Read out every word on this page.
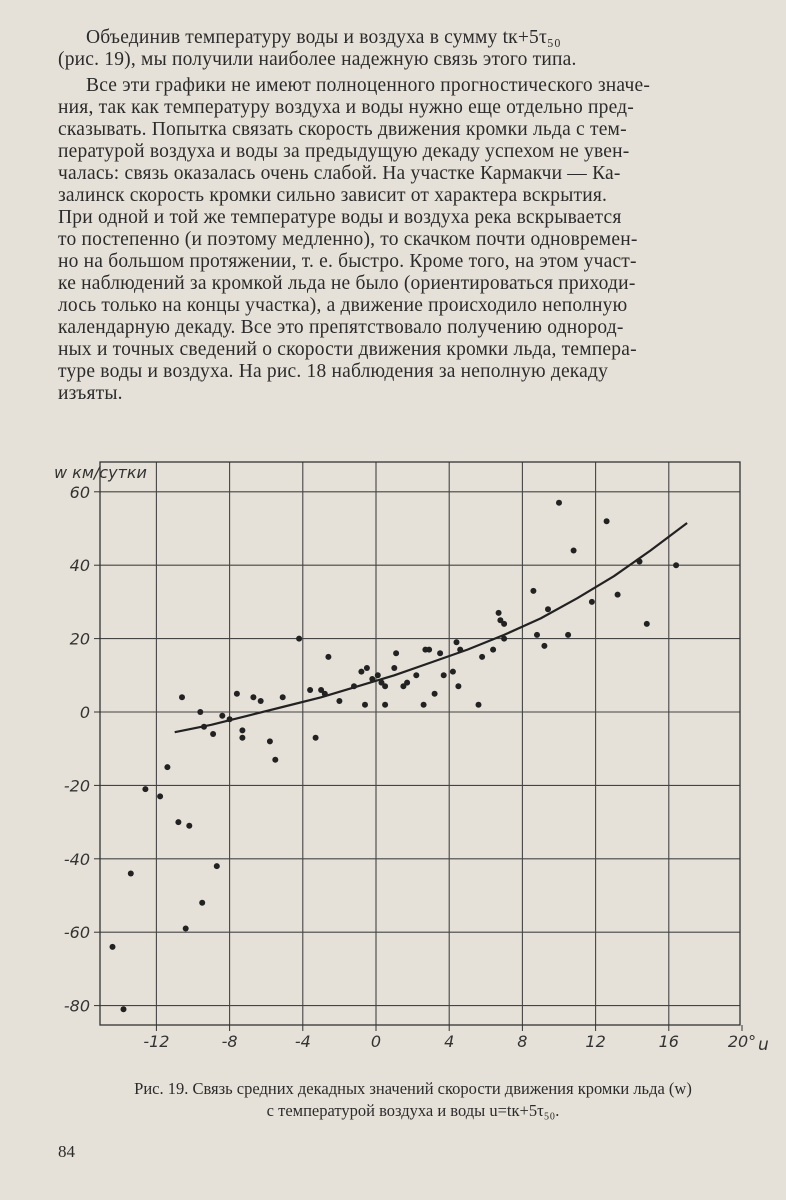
Объединив температуру воды и воздуха в сумму tк+5τ₅₀
(рис. 19), мы получили наиболее надежную связь этого типа.
Все эти графики не имеют полноценного прогностического значе-
ния, так как температуру воздуха и воды нужно еще отдельно пред-
сказывать. Попытка связать скорость движения кромки льда с тем-
пературой воздуха и воды за предыдущую декаду успехом не увен-
чалась: связь оказалась очень слабой. На участке Кармакчи — Ка-
залинск скорость кромки сильно зависит от характера вскрытия.
При одной и той же температуре воды и воздуха река вскрывается
то постепенно (и поэтому медленно), то скачком почти одновремен-
но на большом протяжении, т. е. быстро. Кроме того, на этом участ-
ке наблюдений за кромкой льда не было (ориентироваться приходи-
лось только на концы участка), а движение происходило неполную
календарную декаду. Все это препятствовало получению однород-
ных и точных сведений о скорости движения кромки льда, темпера-
туре воды и воздуха. На рис. 18 наблюдения за неполную декаду
изъяты.
60
40
20
0
-20
-40
-60
-80
-12	-8	-4	0	4	8	12	16	20°
w км/сутки
u
Рис. 19. Связь средних декадных значений скорости движения кромки льда (w)
с температурой воздуха и воды u=tк+5τ₅₀.
84
